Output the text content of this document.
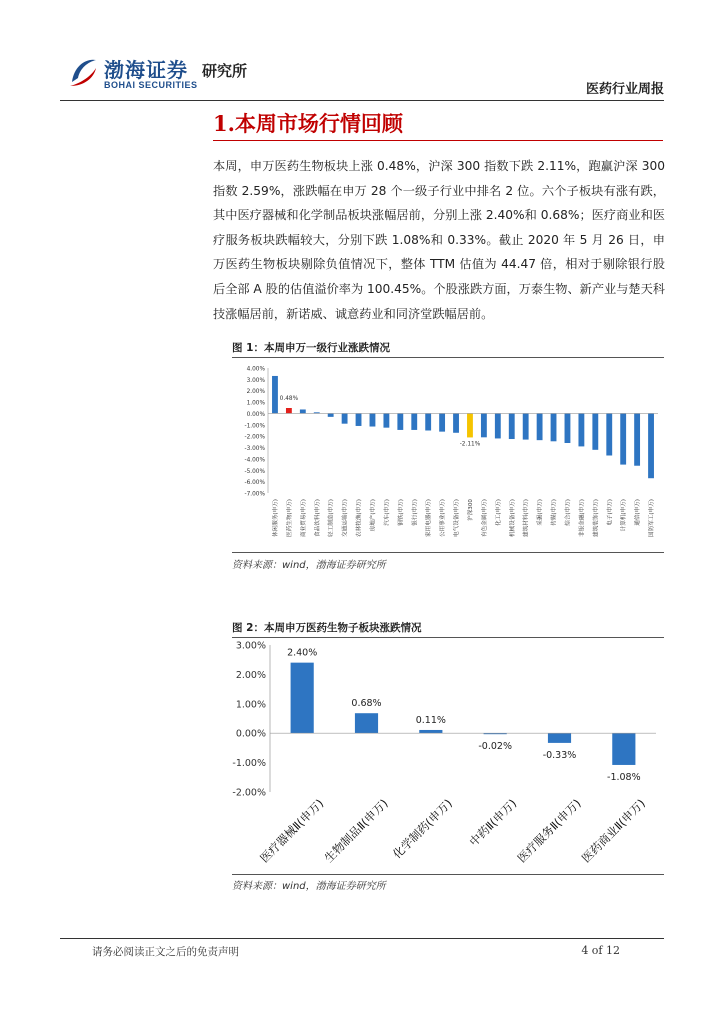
渤海证券
BOHAI SECURITIES
研究所
医药行业周报
1.本周市场行情回顾
本周，申万医药生物板块上涨 0.48%，沪深 300 指数下跌 2.11%，跑赢沪深 300 指数 2.59%，涨跌幅在申万 28 个一级子行业中排名 2 位。六个子板块有涨有跌，其中医疗器械和化学制品板块涨幅居前，分别上涨 2.40%和 0.68%；医疗商业和医疗服务板块跌幅较大，分别下跌 1.08%和 0.33%。截止 2020 年 5 月 26 日，申万医药生物板块剔除负值情况下，整体 TTM 估值为 44.47 倍，相对于剔除银行股后全部 A 股的估值溢价率为 100.45%。个股涨跌方面，万泰生物、新产业与楚天科技涨幅居前，新诺威、诚意药业和同济堂跌幅居前。
图 1：本周申万一级行业涨跌情况
4.00%
3.00%
2.00%
1.00%
0.00%
-1.00%
-2.00%
-3.00%
-4.00%
-5.00%
-6.00%
-7.00%
休闲服务(申万)	医药生物(申万)	商业贸易(申万)	食品饮料(申万)	轻工制造(申万)	交通运输(申万)	农林牧渔(申万)	房地产(申万)	汽车(申万)	钢铁(申万)	银行(申万)	家用电器(申万)	公用事业(申万)	电气设备(申万)	沪深300	有色金属(申万)	化工(申万)	机械设备(申万)	建筑材料(申万)	采掘(申万)	传媒(申万)	综合(申万)	非银金融(申万)	建筑装饰(申万)	电子(申万)	计算机(申万)	通信(申万)	国防军工(申万)
0.48%
-2.11%
资料来源：wind，渤海证券研究所
图 2：本周申万医药生物子板块涨跌情况
3.00%
2.00%
1.00%
0.00%
-1.00%
-2.00%
2.40%
医疗器械Ⅱ(申万)
0.68%
生物制品Ⅱ(申万)
0.11%
化学制药(申万)
-0.02%
中药Ⅱ(申万)
-0.33%
医疗服务Ⅱ(申万)
-1.08%
医药商业Ⅱ(申万)
资料来源：wind，渤海证券研究所
请务必阅读正文之后的免责声明	4 of 12
